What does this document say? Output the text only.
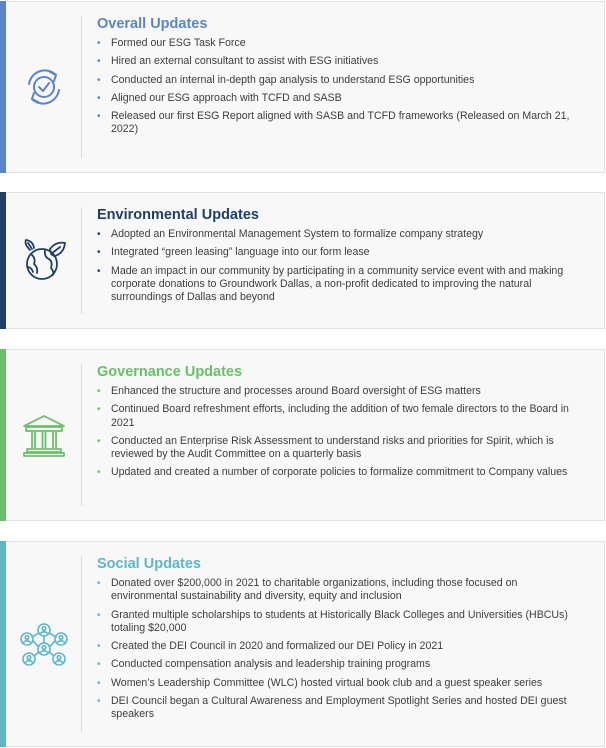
Overall Updates
• Formed our ESG Task Force
• Hired an external consultant to assist with ESG initiatives
• Conducted an internal in-depth gap analysis to understand ESG opportunities
• Aligned our ESG approach with TCFD and SASB
• Released our first ESG Report aligned with SASB and TCFD frameworks (Released on March 21, 2022)
Environmental Updates
• Adopted an Environmental Management System to formalize company strategy
• Integrated “green leasing” language into our form lease
• Made an impact in our community by participating in a community service event with and making corporate donations to Groundwork Dallas, a non-profit dedicated to improving the natural surroundings of Dallas and beyond
Governance Updates
• Enhanced the structure and processes around Board oversight of ESG matters
• Continued Board refreshment efforts, including the addition of two female directors to the Board in 2021
• Conducted an Enterprise Risk Assessment to understand risks and priorities for Spirit, which is reviewed by the Audit Committee on a quarterly basis
• Updated and created a number of corporate policies to formalize commitment to Company values
Social Updates
• Donated over $200,000 in 2021 to charitable organizations, including those focused on environmental sustainability and diversity, equity and inclusion
• Granted multiple scholarships to students at Historically Black Colleges and Universities (HBCUs) totaling $20,000
• Created the DEI Council in 2020 and formalized our DEI Policy in 2021
• Conducted compensation analysis and leadership training programs
• Women’s Leadership Committee (WLC) hosted virtual book club and a guest speaker series
• DEI Council began a Cultural Awareness and Employment Spotlight Series and hosted DEI guest speakers
